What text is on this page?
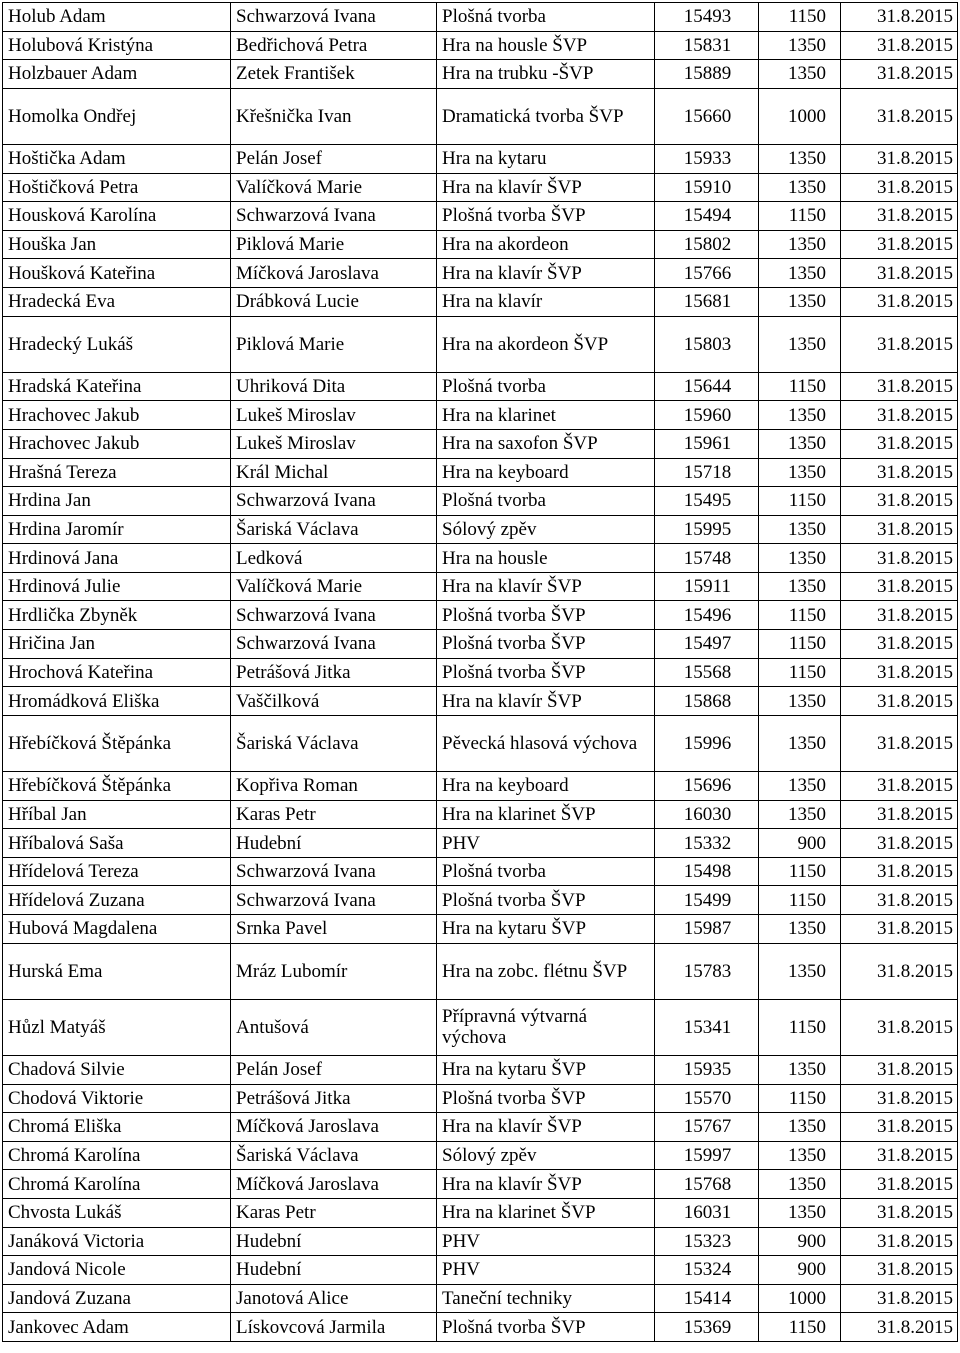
Holub Adam	Schwarzová Ivana	Plošná tvorba	15493	1150	31.8.2015
Holubová Kristýna	Bedřichová Petra	Hra na housle ŠVP	15831	1350	31.8.2015
Holzbauer Adam	Zetek František	Hra na trubku -ŠVP	15889	1350	31.8.2015
Homolka Ondřej	Křešnička Ivan	Dramatická tvorba ŠVP	15660	1000	31.8.2015
Hoštička Adam	Pelán Josef	Hra na kytaru	15933	1350	31.8.2015
Hoštičková Petra	Valíčková Marie	Hra na klavír ŠVP	15910	1350	31.8.2015
Housková Karolína	Schwarzová Ivana	Plošná tvorba ŠVP	15494	1150	31.8.2015
Houška Jan	Piklová Marie	Hra na akordeon	15802	1350	31.8.2015
Houšková Kateřina	Míčková Jaroslava	Hra na klavír ŠVP	15766	1350	31.8.2015
Hradecká Eva	Drábková Lucie	Hra na klavír	15681	1350	31.8.2015
Hradecký Lukáš	Piklová Marie	Hra na akordeon ŠVP	15803	1350	31.8.2015
Hradská Kateřina	Uhriková Dita	Plošná tvorba	15644	1150	31.8.2015
Hrachovec Jakub	Lukeš Miroslav	Hra na klarinet	15960	1350	31.8.2015
Hrachovec Jakub	Lukeš Miroslav	Hra na saxofon ŠVP	15961	1350	31.8.2015
Hrašná Tereza	Král Michal	Hra na keyboard	15718	1350	31.8.2015
Hrdina Jan	Schwarzová Ivana	Plošná tvorba	15495	1150	31.8.2015
Hrdina Jaromír	Šariská Václava	Sólový zpěv	15995	1350	31.8.2015
Hrdinová Jana	Ledková	Hra na housle	15748	1350	31.8.2015
Hrdinová Julie	Valíčková Marie	Hra na klavír ŠVP	15911	1350	31.8.2015
Hrdlička Zbyněk	Schwarzová Ivana	Plošná tvorba ŠVP	15496	1150	31.8.2015
Hričina Jan	Schwarzová Ivana	Plošná tvorba ŠVP	15497	1150	31.8.2015
Hrochová Kateřina	Petrášová Jitka	Plošná tvorba ŠVP	15568	1150	31.8.2015
Hromádková Eliška	Vaščilková	Hra na klavír ŠVP	15868	1350	31.8.2015
Hřebíčková Štěpánka	Šariská Václava	Pěvecká hlasová výchova	15996	1350	31.8.2015
Hřebíčková Štěpánka	Kopřiva Roman	Hra na keyboard	15696	1350	31.8.2015
Hříbal Jan	Karas Petr	Hra na klarinet ŠVP	16030	1350	31.8.2015
Hříbalová Saša	Hudební	PHV	15332	900	31.8.2015
Hřídelová Tereza	Schwarzová Ivana	Plošná tvorba	15498	1150	31.8.2015
Hřídelová Zuzana	Schwarzová Ivana	Plošná tvorba ŠVP	15499	1150	31.8.2015
Hubová Magdalena	Srnka Pavel	Hra na kytaru ŠVP	15987	1350	31.8.2015
Hurská Ema	Mráz Lubomír	Hra na zobc. flétnu ŠVP	15783	1350	31.8.2015
Hůzl Matyáš	Antušová	Přípravná výtvarná výchova	15341	1150	31.8.2015
Chadová Silvie	Pelán Josef	Hra na kytaru ŠVP	15935	1350	31.8.2015
Chodová Viktorie	Petrášová Jitka	Plošná tvorba ŠVP	15570	1150	31.8.2015
Chromá Eliška	Míčková Jaroslava	Hra na klavír ŠVP	15767	1350	31.8.2015
Chromá Karolína	Šariská Václava	Sólový zpěv	15997	1350	31.8.2015
Chromá Karolína	Míčková Jaroslava	Hra na klavír ŠVP	15768	1350	31.8.2015
Chvosta Lukáš	Karas Petr	Hra na klarinet ŠVP	16031	1350	31.8.2015
Janáková Victoria	Hudební	PHV	15323	900	31.8.2015
Jandová Nicole	Hudební	PHV	15324	900	31.8.2015
Jandová Zuzana	Janotová Alice	Taneční techniky	15414	1000	31.8.2015
Jankovec Adam	Lískovcová Jarmila	Plošná tvorba ŠVP	15369	1150	31.8.2015
